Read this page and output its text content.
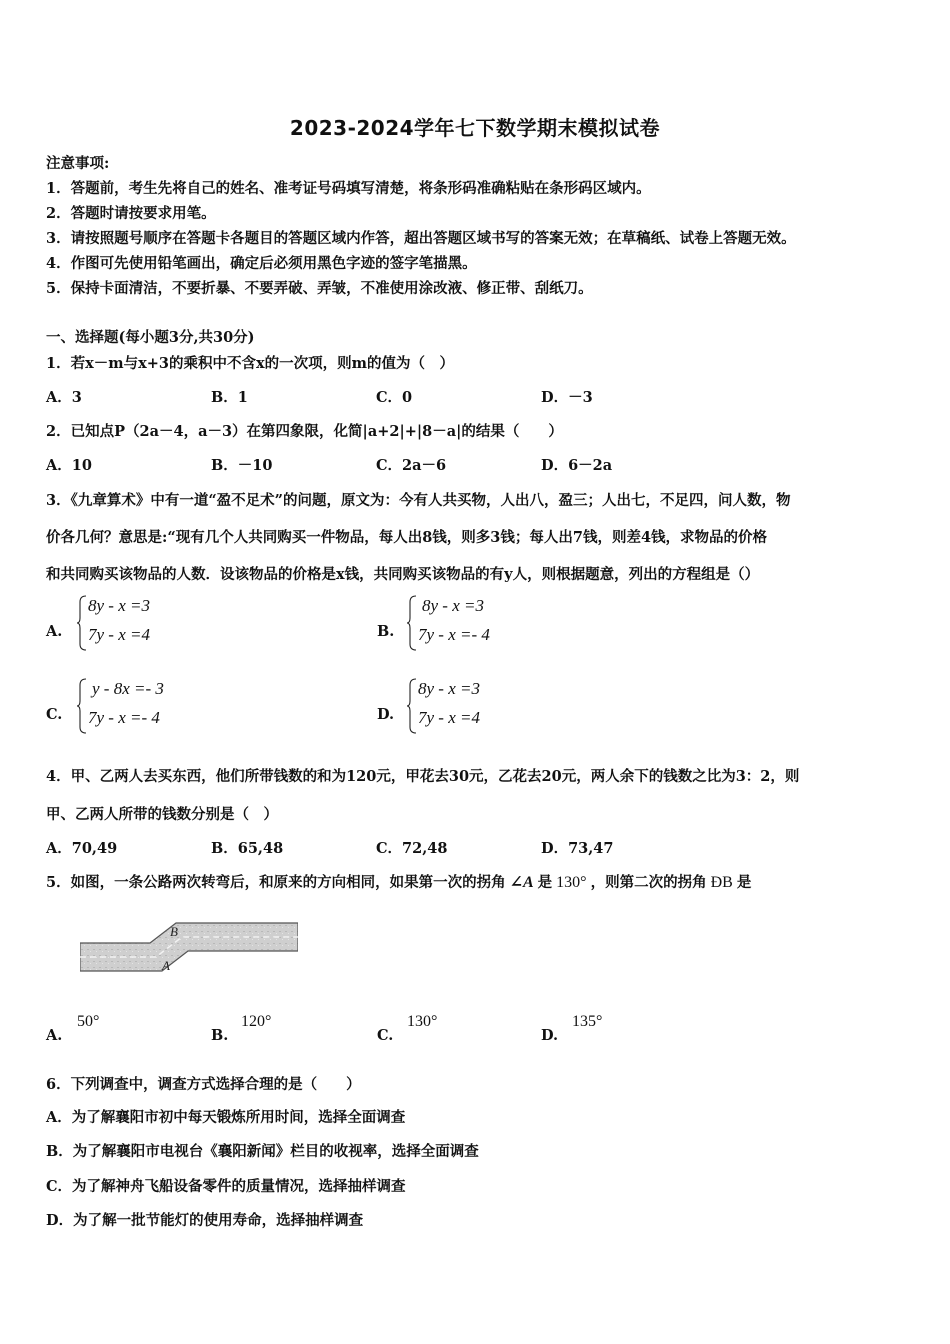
2023-2024学年七下数学期末模拟试卷
注意事项:
1．答题前，考生先将自己的姓名、准考证号码填写清楚，将条形码准确粘贴在条形码区域内。
2．答题时请按要求用笔。
3．请按照题号顺序在答题卡各题目的答题区域内作答，超出答题区域书写的答案无效；在草稿纸、试卷上答题无效。
4．作图可先使用铅笔画出，确定后必须用黑色字迹的签字笔描黑。
5．保持卡面清洁，不要折暴、不要弄破、弄皱，不准使用涂改液、修正带、刮纸刀。
一、选择题(每小题3分,共30分)
1．若x－m与x+3的乘积中不含x的一次项，则m的值为（　）
A．3	B．1	C．0	D．－3
2．已知点P（2a－4，a－3）在第四象限，化简|a+2|+|8－a|的结果（　　）
A．10	B．－10	C．2a－6	D．6－2a
3．《九章算术》中有一道“盈不足术”的问题，原文为：今有人共买物，人出八，盈三；人出七，不足四，问人数，物
价各几何？意思是:“现有几个人共同购买一件物品，每人出8钱，则多3钱；每人出7钱，则差4钱，求物品的价格
和共同购买该物品的人数．设该物品的价格是x钱，共同购买该物品的有y人，则根据题意，列出的方程组是（）
A.
8y - x =3
7y - x =4	B.
8y - x =3
7y - x =- 4
C.
y - 8x =- 3
7y - x =- 4	D.
8y - x =3
7y - x =4
4．甲、乙两人去买东西，他们所带钱数的和为120元，甲花去30元，乙花去20元，两人余下的钱数之比为3：2，则
甲、乙两人所带的钱数分别是（　）
A．70,49	B．65,48	C．72,48	D．73,47
5．如图，一条公路两次转弯后，和原来的方向相同，如果第一次的拐角 ∠A 是 130° ，则第二次的拐角 ÐB 是
B
A
A.
50°
B.
120°
C.
130°
D.
135°
6．下列调查中，调查方式选择合理的是（　　）
A．为了解襄阳市初中每天锻炼所用时间，选择全面调查
B．为了解襄阳市电视台《襄阳新闻》栏目的收视率，选择全面调查
C．为了解神舟飞船设备零件的质量情况，选择抽样调查
D．为了解一批节能灯的使用寿命，选择抽样调查
